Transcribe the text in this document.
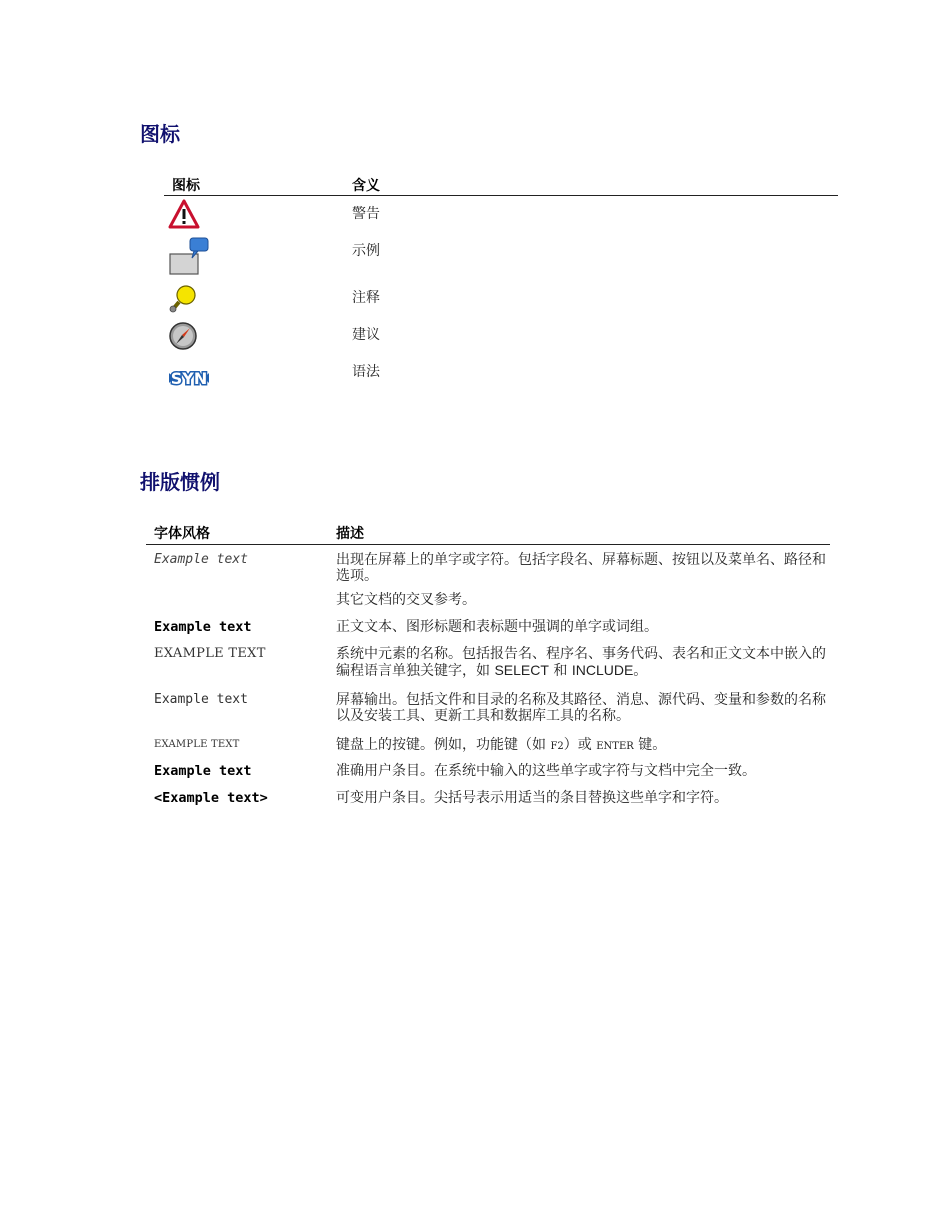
图标
图标	含义
警告
示例
注释
建议
SYN	语法
排版惯例
字体风格	描述
Example text	出现在屏幕上的单字或字符。包括字段名、屏幕标题、按钮以及菜单名、路径和选项。
其它文档的交叉参考。
Example text	正文文本、图形标题和表标题中强调的单字或词组。
EXAMPLE TEXT	系统中元素的名称。包括报告名、程序名、事务代码、表名和正文文本中嵌入的编程语言单独关键字，如 SELECT 和 INCLUDE。
Example text	屏幕输出。包括文件和目录的名称及其路径、消息、源代码、变量和参数的名称以及安装工具、更新工具和数据库工具的名称。
EXAMPLE TEXT	键盘上的按键。例如，功能键（如 F2）或 ENTER 键。
Example text	准确用户条目。在系统中输入的这些单字或字符与文档中完全一致。
<Example text>	可变用户条目。尖括号表示用适当的条目替换这些单字和字符。
